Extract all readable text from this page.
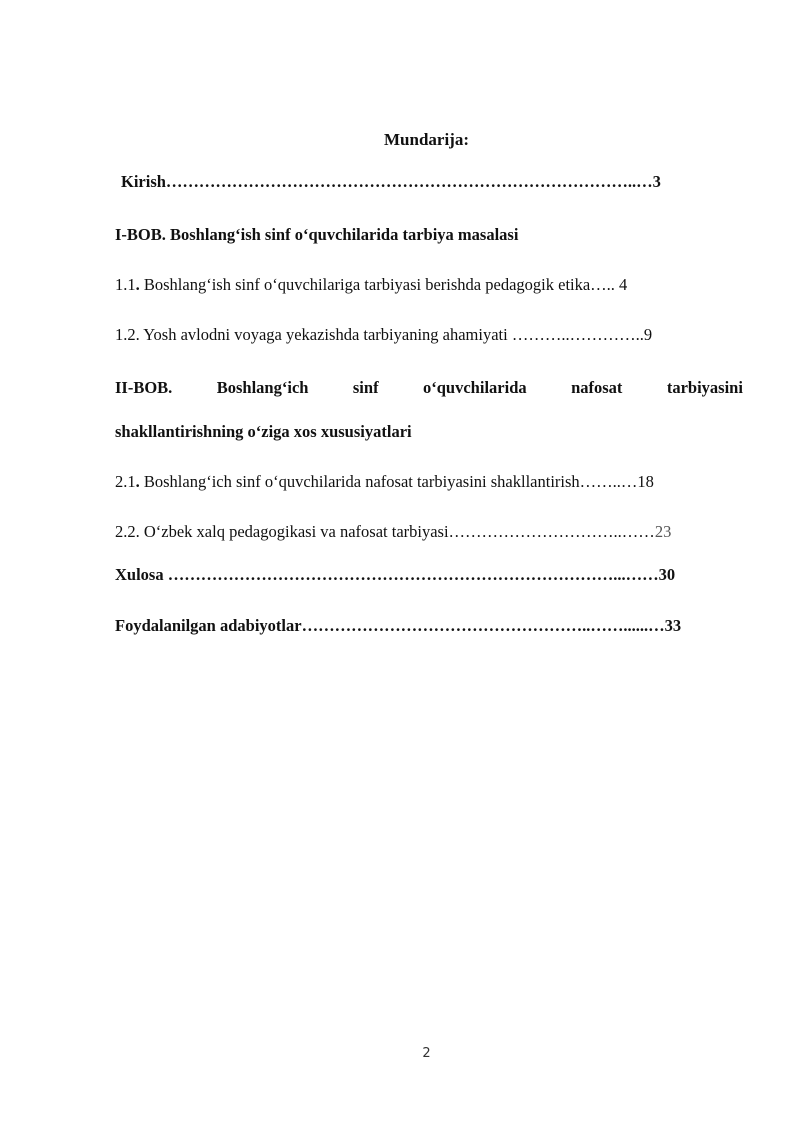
Mundarija:
Kirish…………………………………………………………………………..…3
I-BOB. Boshlang‘ish sinf o‘quvchilarida tarbiya masalasi
1.1. Boshlang‘ish sinf o‘quvchilariga tarbiyasi berishda pedagogik etika….. 4
1.2. Yosh avlodni voyaga yekazishda tarbiyaning ahamiyati ………..…………..9
II-BOB.	Boshlang‘ich	sinf	o‘quvchilarida	nafosat	tarbiyasini
shakllantirishning o‘ziga xos xususiyatlari
2.1. Boshlang‘ich sinf o‘quvchilarida nafosat tarbiyasini shakllantirish……..…18
2.2. O‘zbek xalq pedagogikasi va nafosat tarbiyasi…………………………..……23
Xulosa ………………………………………………………………………...……30
Foydalanilgan adabiyotlar……………………………………………..……......…33
2
